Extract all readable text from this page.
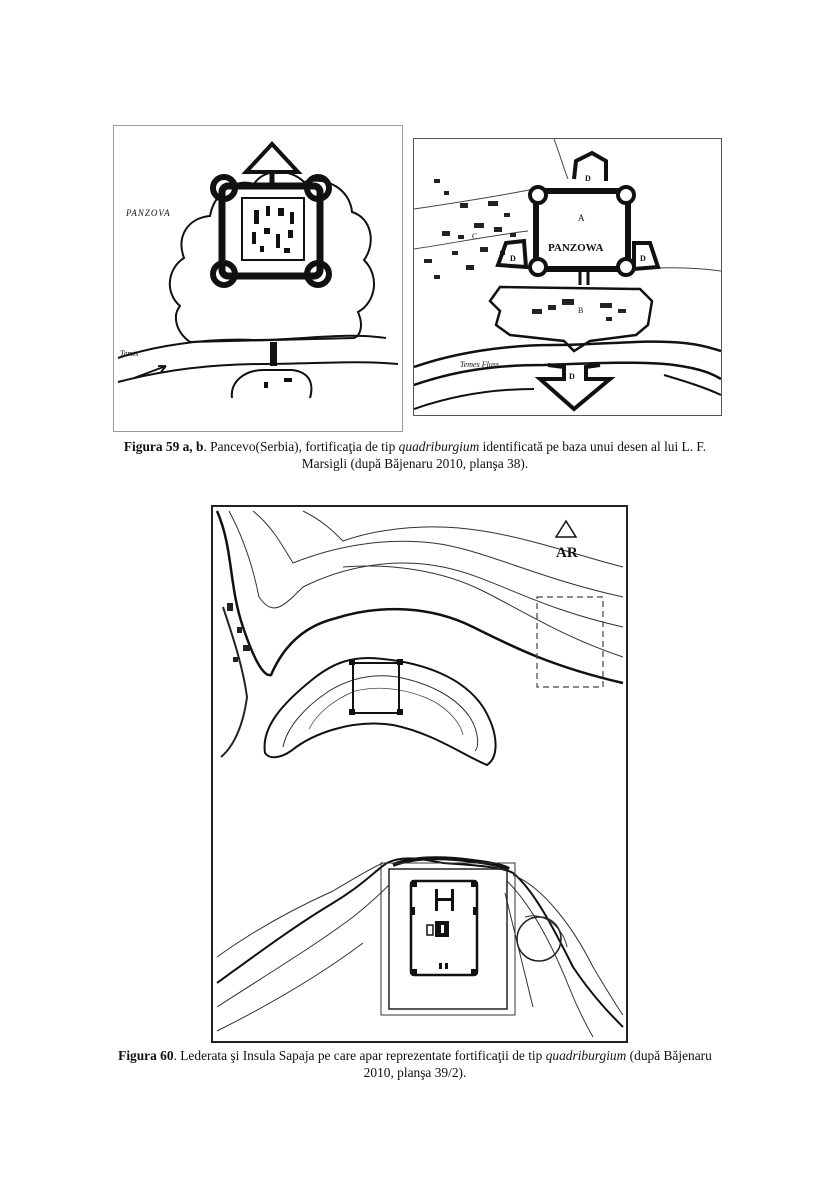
PANZOVA
Temis
Temes Fluss
PANZOWA
A
B
C
D
D	D
D
Figura 59 a, b. Pancevo(Serbia), fortificaţia de tip quadriburgium identificată pe baza unui desen al lui L. F. Marsigli (după Băjenaru 2010, planşa 38).
AR
Figura 60. Lederata şi Insula Sapaja pe care apar reprezentate fortificaţii de tip quadriburgium (după Băjenaru 2010, planşa 39/2).
